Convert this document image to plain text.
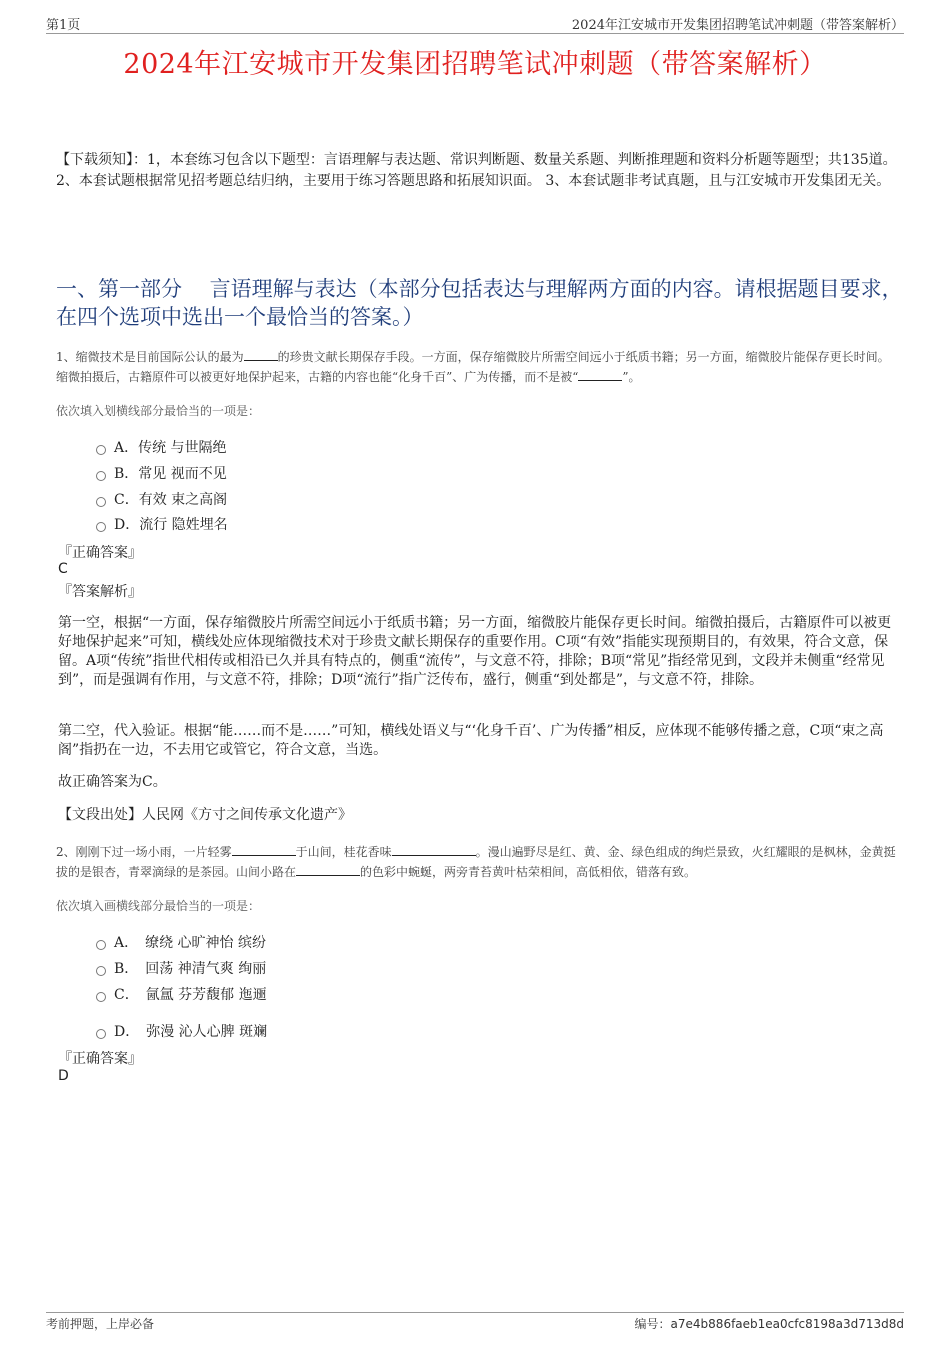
第1页	2024年江安城市开发集团招聘笔试冲刺题（带答案解析）
2024年江安城市开发集团招聘笔试冲刺题（带答案解析）
【下载须知】：1，本套练习包含以下题型：言语理解与表达题、常识判断题、数量关系题、判断推理题和资料分析题等题型；共135道。 2、本套试题根据常见招考题总结归纳，主要用于练习答题思路和拓展知识面。 3、本套试题非考试真题，且与江安城市开发集团无关。
一、第一部分　 言语理解与表达（本部分包括表达与理解两方面的内容。请根据题目要求，在四个选项中选出一个最恰当的答案。）
1、缩微技术是目前国际公认的最为	的珍贵文献长期保存手段。一方面，保存缩微胶片所需空间远小于纸质书籍；另一方面，缩微胶片能保存更长时间。缩微拍摄后，古籍原件可以被更好地保护起来，古籍的内容也能“化身千百”、广为传播，而不是被“	”。
依次填入划横线部分最恰当的一项是：
A．传统 与世隔绝
B．常见 视而不见
C．有效 束之高阁
D．流行 隐姓埋名
『正确答案』
C
『答案解析』
第一空，根据“一方面，保存缩微胶片所需空间远小于纸质书籍；另一方面，缩微胶片能保存更长时间。缩微拍摄后，古籍原件可以被更好地保护起来”可知，横线处应体现缩微技术对于珍贵文献长期保存的重要作用。C项“有效”指能实现预期目的，有效果，符合文意，保留。A项“传统”指世代相传或相沿已久并具有特点的，侧重“流传”，与文意不符，排除；B项“常见”指经常见到，文段并未侧重“经常见到”，而是强调有作用，与文意不符，排除；D项“流行”指广泛传布，盛行，侧重“到处都是”，与文意不符，排除。
第二空，代入验证。根据“能……而不是……”可知，横线处语义与“‘化身千百’、广为传播”相反，应体现不能够传播之意，C项“束之高阁”指扔在一边，不去用它或管它，符合文意，当选。
故正确答案为C。
【文段出处】人民网《方寸之间传承文化遗产》
2、刚刚下过一场小雨，一片轻雾	于山间，桂花香味	。漫山遍野尽是红、黄、金、绿色组成的绚烂景致，火红耀眼的是枫林，金黄挺拔的是银杏，青翠滴绿的是茶园。山间小路在	的色彩中蜿蜒，两旁青苔黄叶枯荣相间，高低相依，错落有致。
依次填入画横线部分最恰当的一项是：
A．　缭绕 心旷神怡 缤纷
B．　回荡 神清气爽 绚丽
C．　氤氲 芬芳馥郁 迤逦
D．　弥漫 沁人心脾 斑斓
『正确答案』
D
考前押题，上岸必备	编号：a7e4b886faeb1ea0cfc8198a3d713d8d
